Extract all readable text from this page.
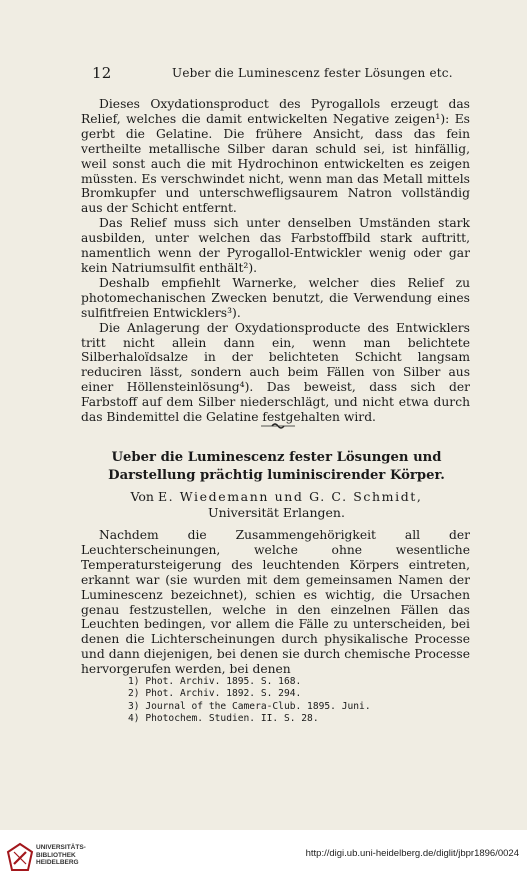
12	Ueber die Luminescenz fester Lösungen etc.

Dieses Oxydationsproduct des Pyrogallols erzeugt das Relief, welches die damit entwickelten Negative zeigen¹): Es gerbt die Gelatine. Die frühere Ansicht, dass das fein vertheilte metallische Silber daran schuld sei, ist hinfällig, weil sonst auch die mit Hydrochinon entwickelten es zeigen müssten. Es verschwindet nicht, wenn man das Metall mittels Bromkupfer und unterschwefligsaurem Natron vollständig aus der Schicht entfernt.

Das Relief muss sich unter denselben Umständen stark ausbilden, unter welchen das Farbstoffbild stark auftritt, namentlich wenn der Pyrogallol-Entwickler wenig oder gar kein Natriumsulfit enthält²).

Deshalb empfiehlt Warnerke, welcher dies Relief zu photomechanischen Zwecken benutzt, die Verwendung eines sulfitfreien Entwicklers³).

Die Anlagerung der Oxydationsproducte des Entwicklers tritt nicht allein dann ein, wenn man belichtete Silberhaloïdsalze in der belichteten Schicht langsam reduciren lässt, sondern auch beim Fällen von Silber aus einer Höllensteinlösung⁴). Das beweist, dass sich der Farbstoff auf dem Silber niederschlägt, und nicht etwa durch das Bindemittel die Gelatine festgehalten wird.

Ueber die Luminescenz fester Lösungen und Darstellung prächtig luminiscirender Körper.
Von E. Wiedemann und G. C. Schmidt,
Universität Erlangen.

Nachdem die Zusammengehörigkeit all der Leuchterscheinungen, welche ohne wesentliche Temperatursteigerung des leuchtenden Körpers eintreten, erkannt war (sie wurden mit dem gemeinsamen Namen der Luminescenz bezeichnet), schien es wichtig, die Ursachen genau festzustellen, welche in den einzelnen Fällen das Leuchten bedingen, vor allem die Fälle zu unterscheiden, bei denen die Lichterscheinungen durch physikalische Processe und dann diejenigen, bei denen sie durch chemische Processe hervorgerufen werden, bei denen

1) Phot. Archiv. 1895. S. 168.
2) Phot. Archiv. 1892. S. 294.
3) Journal of the Camera-Club. 1895. Juni.
4) Photochem. Studien. II. S. 28.
UNIVERSITÄTS-
BIBLIOTHEK
HEIDELBERG
http://digi.ub.uni-heidelberg.de/diglit/jbpr1896/0024
